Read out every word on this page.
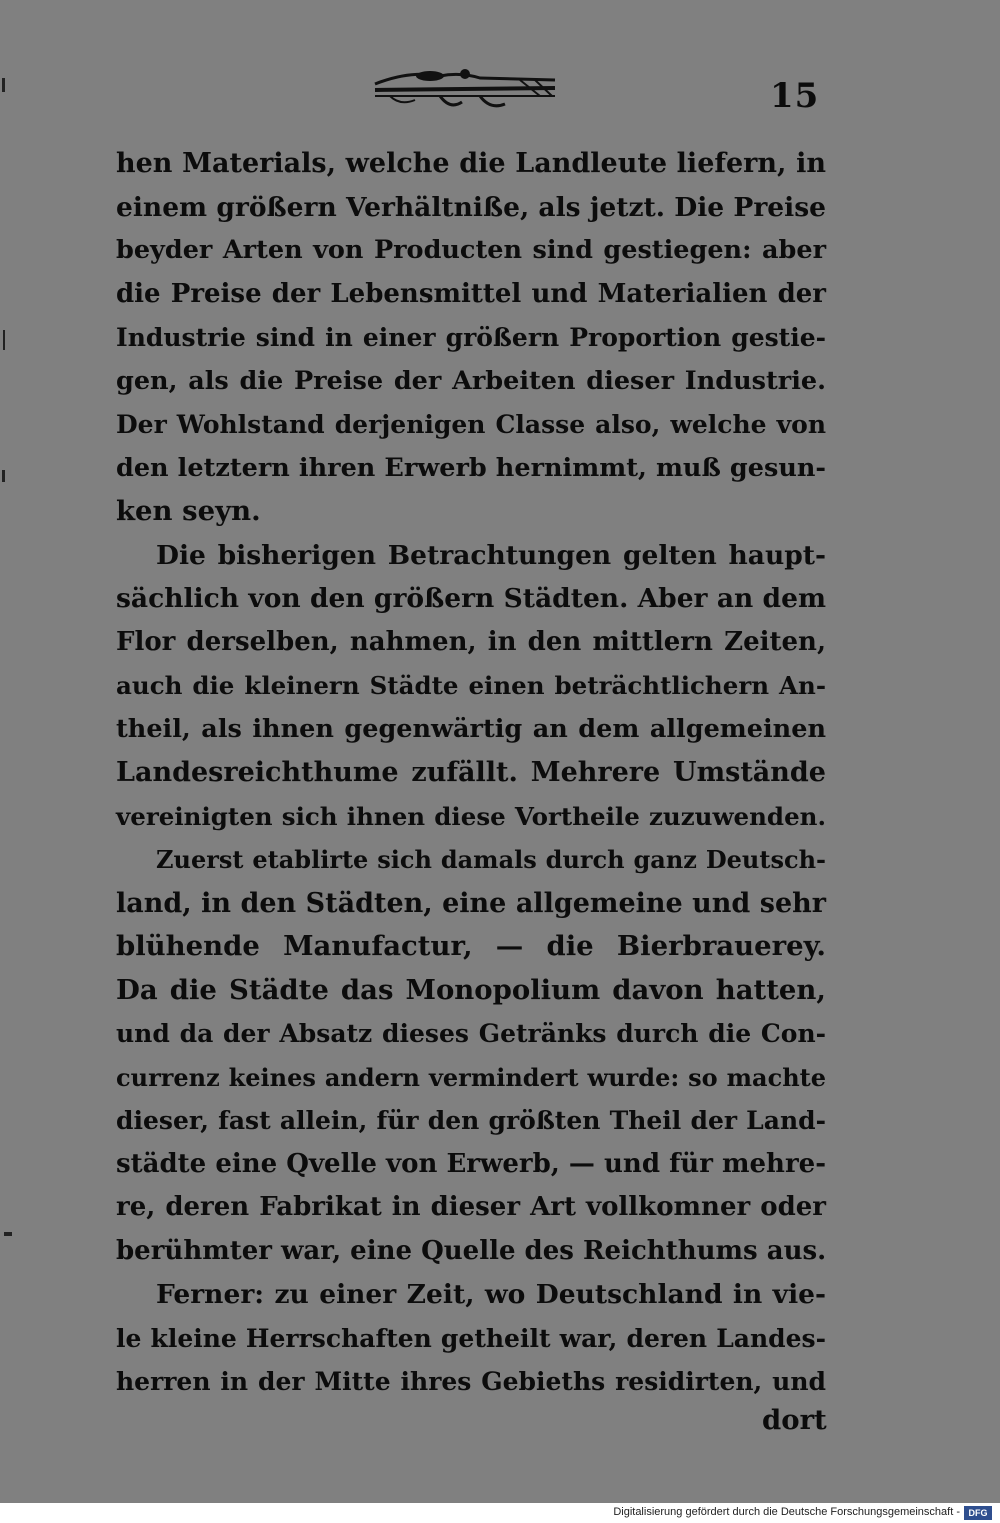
15
hen Materials, welche die Landleute liefern, in
einem größern Verhältniße, als jetzt. Die Preise
beyder Arten von Producten sind gestiegen: aber
die Preise der Lebensmittel und Materialien der
Industrie sind in einer größern Proportion gestie-
gen, als die Preise der Arbeiten dieser Industrie.
Der Wohlstand derjenigen Classe also, welche von
den letztern ihren Erwerb hernimmt, muß gesun-
ken seyn.
Die bisherigen Betrachtungen gelten haupt-
sächlich von den größern Städten. Aber an dem
Flor derselben, nahmen, in den mittlern Zeiten,
auch die kleinern Städte einen beträchtlichern An-
theil, als ihnen gegenwärtig an dem allgemeinen
Landesreichthume zufällt. Mehrere Umstände
vereinigten sich ihnen diese Vortheile zuzuwenden.
Zuerst etablirte sich damals durch ganz Deutsch-
land, in den Städten, eine allgemeine und sehr
blühende Manufactur, — die Bierbrauerey.
Da die Städte das Monopolium davon hatten,
und da der Absatz dieses Getränks durch die Con-
currenz keines andern vermindert wurde: so machte
dieser, fast allein, für den größten Theil der Land-
städte eine Qvelle von Erwerb, — und für mehre-
re, deren Fabrikat in dieser Art vollkomner oder
berühmter war, eine Quelle des Reichthums aus.
Ferner: zu einer Zeit, wo Deutschland in vie-
le kleine Herrschaften getheilt war, deren Landes-
herren in der Mitte ihres Gebieths residirten, und
dort
Digitalisierung gefördert durch die Deutsche Forschungsgemeinschaft - DFG
